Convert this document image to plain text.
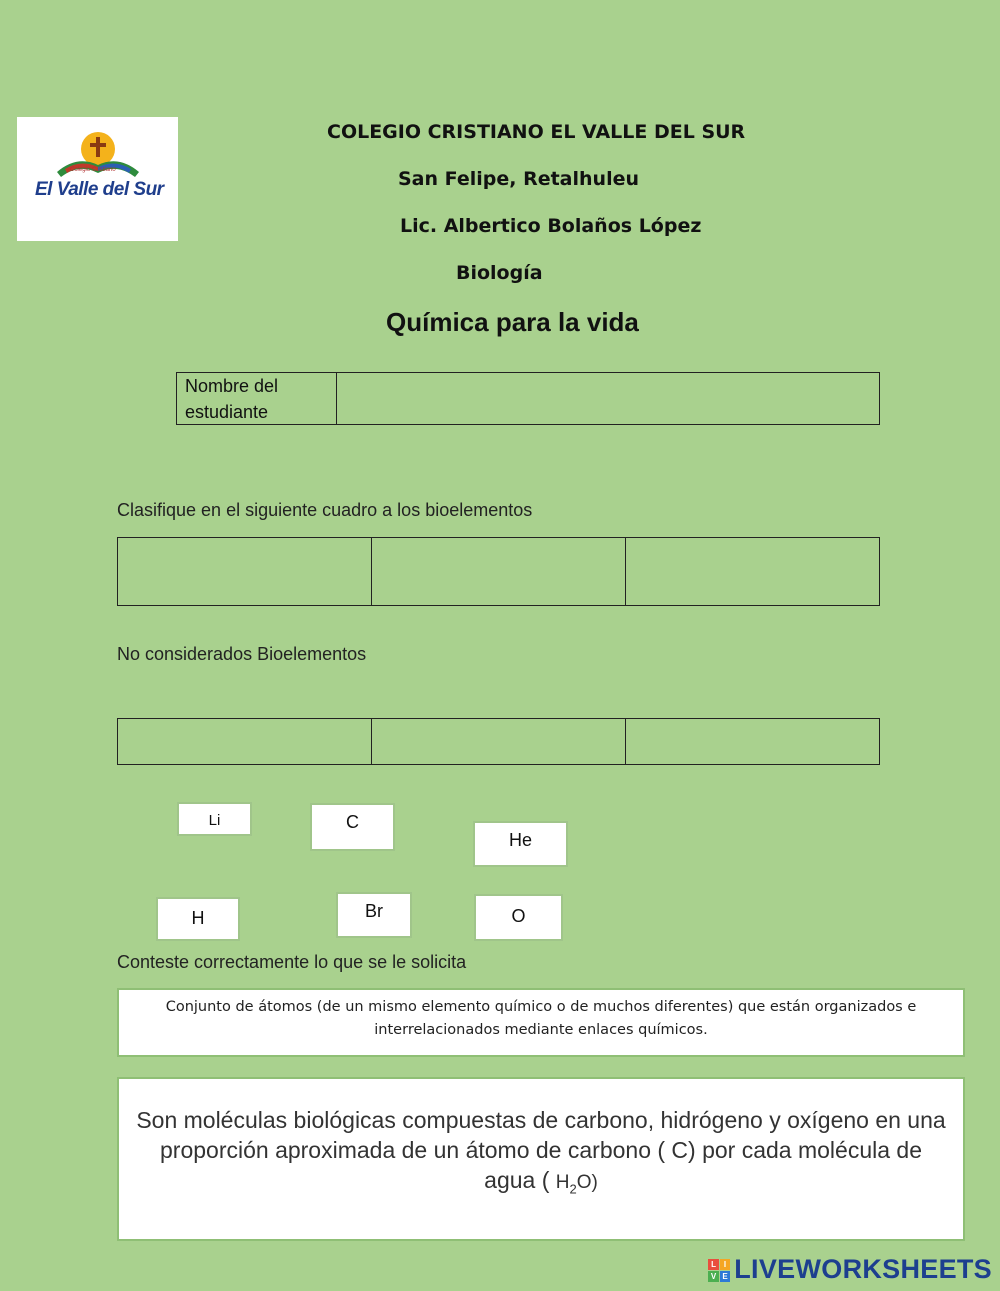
Colegio Cristiano
El Valle del Sur
COLEGIO CRISTIANO EL VALLE DEL SUR
San Felipe, Retalhuleu
Lic. Albertico Bolaños López
Biología
Química para la vida
Nombre del estudiante
Clasifique en el siguiente cuadro a los bioelementos
No considerados Bioelementos
Li	C
He
H	Br	O
Conteste correctamente lo que se le solicita
Conjunto de átomos (de un mismo elemento químico o de muchos diferentes) que están organizados e interrelacionados mediante enlaces químicos.
Son moléculas biológicas compuestas de carbono, hidrógeno y oxígeno en una proporción aproximada de un átomo de carbono ( C) por cada molécula de agua ( $H_2O$)
L I
V E LIVEWORKSHEETS
